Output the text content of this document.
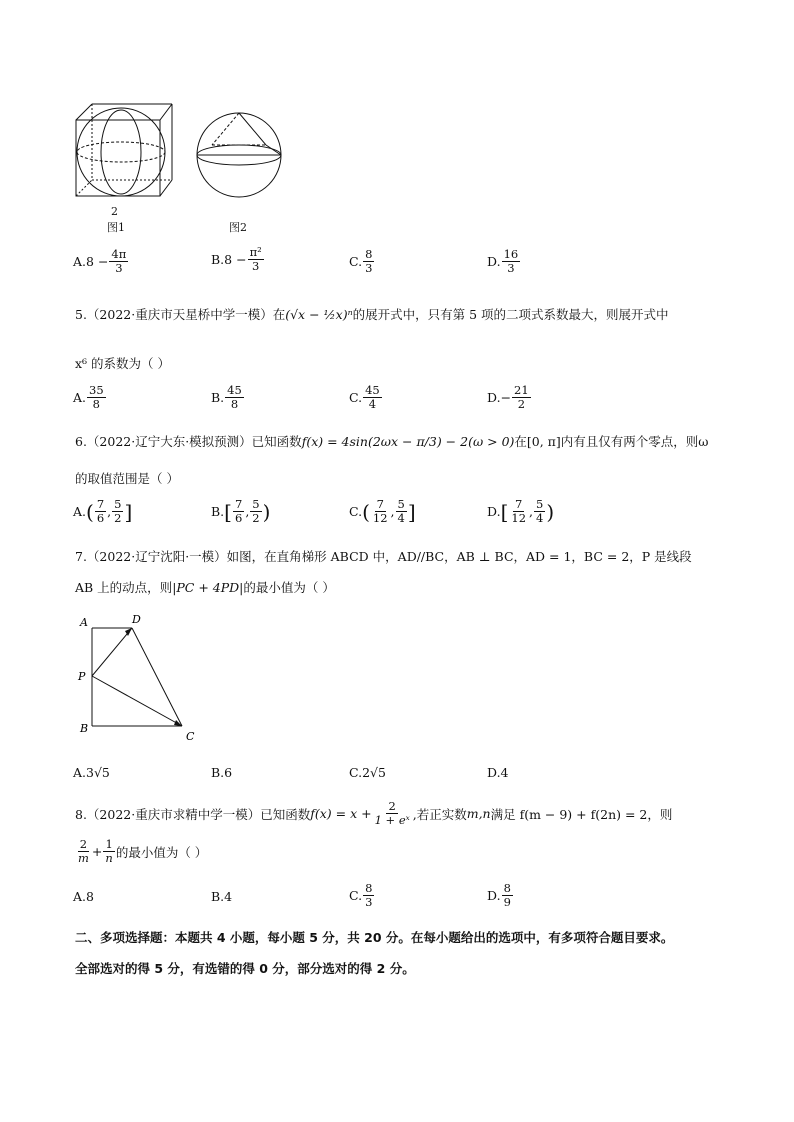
2
图1	图2
A. $8 - \frac{4\pi}{3}$	B. $8 - \frac{\text{π²}}{3}$	C. $\frac{8}{3}$	D. $\frac{16}{3}$
5.（2022·重庆市天星桥中学一模）在(√x − ½x)ⁿ的展开式中，只有第 5 项的二项式系数最大，则展开式中
x⁶ 的系数为（ ）
A. $\frac{35}{8}$	B. $\frac{45}{8}$	C. $\frac{45}{4}$	D. − $\frac{21}{2}$
6.（2022·辽宁大东·模拟预测）已知函数f(x) = 4sin(2ωx − π/3) − 2(ω > 0)在[0, π]内有且仅有两个零点，则ω
的取值范围是（ ）
A. ( $\frac{7}{6}$ , $\frac{5}{2}$ ]	B. [ $\frac{7}{6}$ , $\frac{5}{2}$ )	C. ( $\frac{7}{12}$ , $\frac{5}{4}$ ]	D. [ $\frac{7}{12}$ , $\frac{5}{4}$ )
7.（2022·辽宁沈阳·一模）如图，在直角梯形 ABCD 中，AD//BC，AB ⊥ BC，AD = 1，BC = 2，P 是线段
AB 上的动点，则|PC + 4PD|的最小值为（ ）
A	D
P
B
C
A.3√5	B.6	C.2√5	D.4
8.（2022·重庆市求精中学一模）已知函数 $f(x) = x + \frac{2}{\text{1 + eˣ}}$ ,若正实数 m,n 满足 f(m − 9) + f(2n) = 2，则
$\frac{2}{m} + \frac{1}{n}$ 的最小值为（ ）
A.8	B.4	C. $\frac{8}{3}$	D. $\frac{8}{9}$
二、多项选择题：本题共 4 小题，每小题 5 分，共 20 分。在每小题给出的选项中，有多项符合题目要求。
全部选对的得 5 分，有选错的得 0 分，部分选对的得 2 分。
